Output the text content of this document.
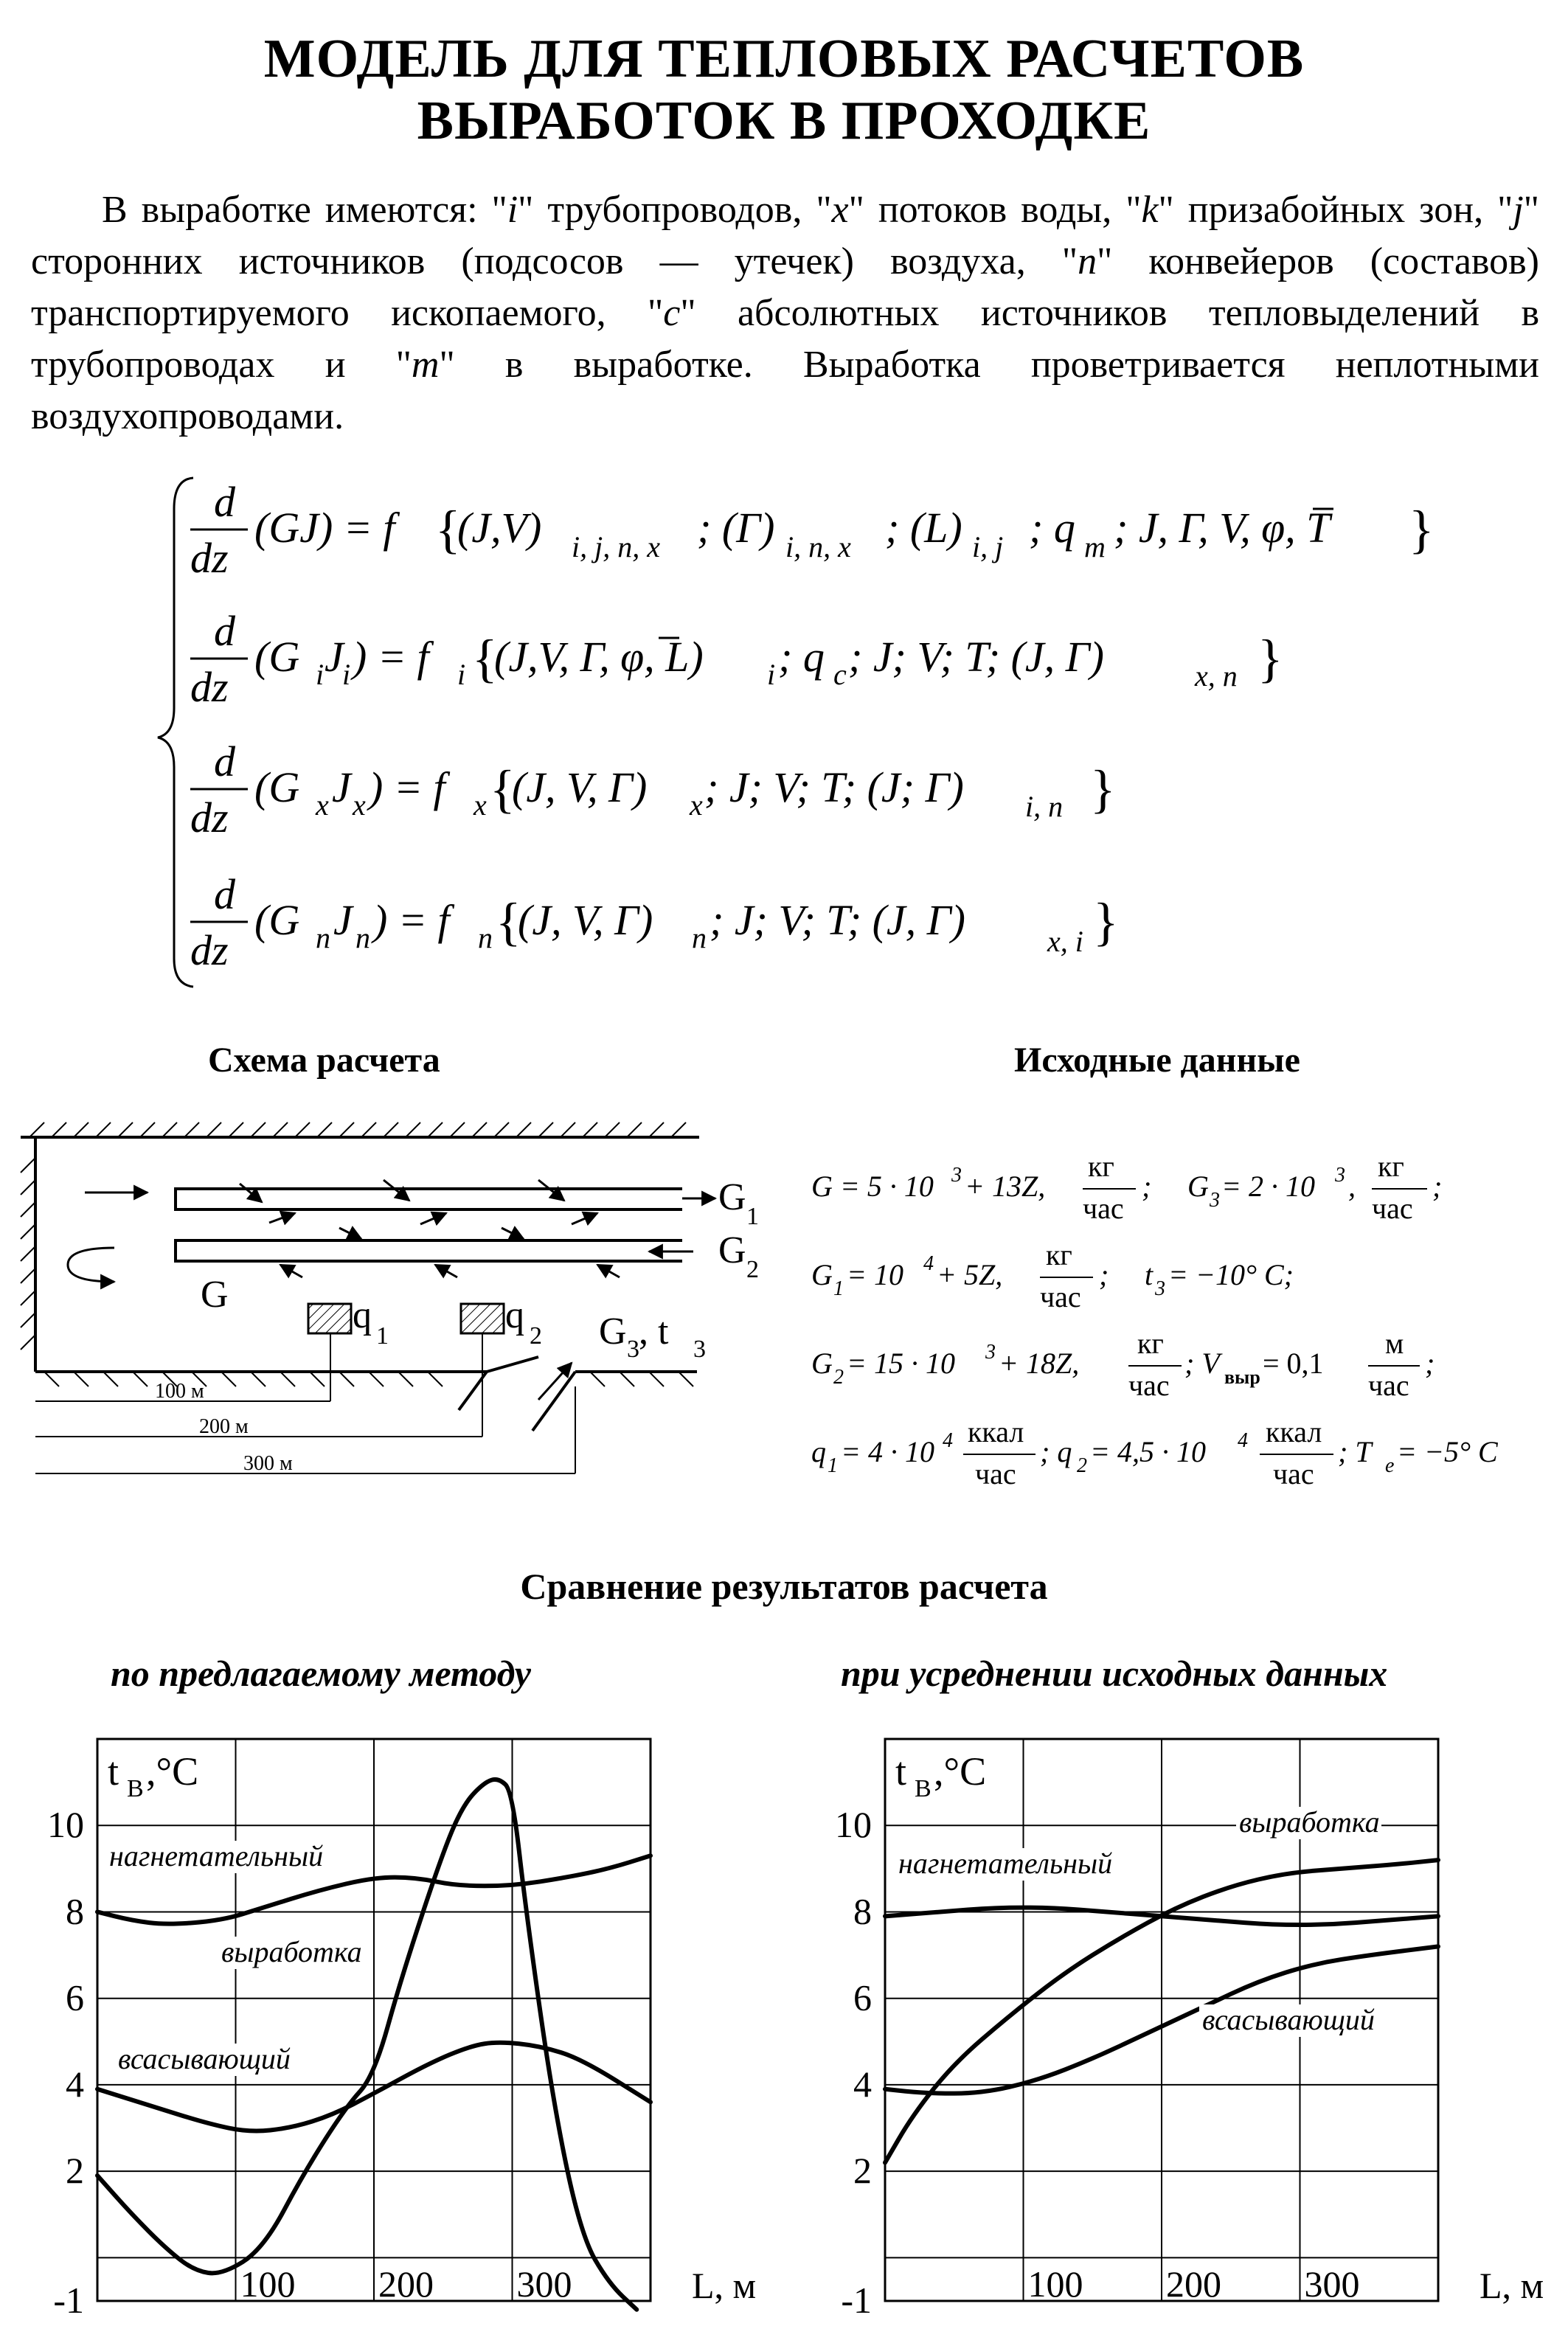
МОДЕЛЬ ДЛЯ ТЕПЛОВЫХ РАСЧЕТОВ
ВЫРАБОТОК В ПРОХОДКЕ
В выработке имеются: "i" трубопроводов, "x" потоков воды, "k" призабойных зон, "j" сторонних источников (подсосов — утечек) воздуха, "n" конвейеров (составов) транспортируемого ископаемого, "c" абсолютных источников тепловыделений в трубопроводах и "m" в выработке. Выработка проветривается неплотными воздухопроводами.
d
dz
(GJ) = f {
(J,V) i, j, n, x ; (Γ) i, n, x ; (L) i, j ; q m ; J, Γ, V, φ, T }
d
dz
(G i J
i ) = f i {
(J,V, Γ, φ, L) i ; q c ; J; V; T; (J, Γ)	x, n }
d
dz
(G x J x ) = f x {
(J, V, Γ) x ; J; V; T; (J; Γ) i, n }
d
dz
(G n J n ) = f n {
(J, V, Γ) n ; J; V; T; (J, Γ)	x, i }
Схема расчета	Исходные данные
100 м
200 м
300 м
G
G 1
G 2
q 1	q 2 G 3 , t 3
G = 5 · 10 3 + 13Z,
кг
час
; G 3 = 2 · 10 3 ,
кг
час
;
G 1 = 10 4 + 5Z,
кг
час
; t 3 = −10° C;
G 2 = 15 · 10 3 + 18Z,
кг
час
; V выр = 0,1
м
час
;
q 1 = 4 · 10 4 ккал
час
; q 2 = 4,5 · 10 4 ккал
час
; T e = −5° C
Сравнение результатов расчета
по предлагаемому методу	при усреднении исходных данных
10
8
6
4
2
-1	100 200 300
t В ,°C
L, м
нагнетательный
выработка
всасывающий
10
8
6
4
2
-1	100 200 300
t В ,°C
L, м
нагнетательный
выработка
всасывающий
